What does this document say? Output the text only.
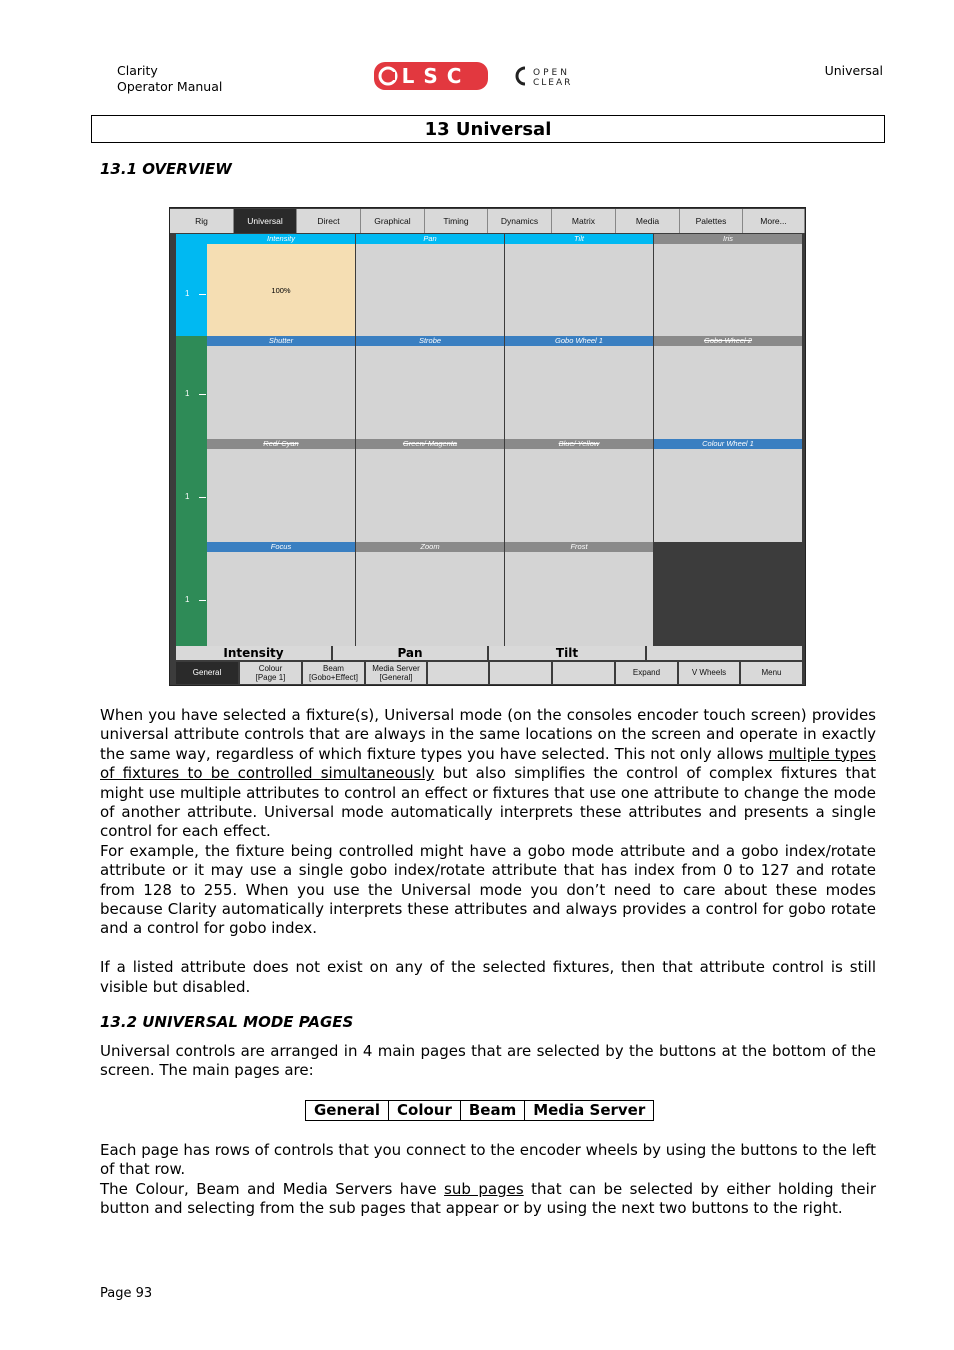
Clarity
Operator Manual	LSC	OPEN
CLEAR
Universal
13 Universal
13.1 OVERVIEW
Rig	Universal	Direct	Graphical	Timing	Dynamics	Matrix	Media	Palettes	More...
1
1
1
1
Intensity
100%
Pan	Tilt	Iris
Shutter	Strobe	Gobo Wheel 1	Gobo Wheel 2
Red/ Cyan	Green/ Magenta	Blue/ Yellow	Colour Wheel 1
Focus	Zoom	Frost
Intensity	Pan	Tilt
General	Colour
[Page 1]
Beam
[Gobo+Effect]
Media Server
[General]
Expand	V Wheels	Menu

When you have selected a fixture(s), Universal mode (on the consoles encoder touch screen) provides universal attribute controls that are always in the same locations on the screen and operate in exactly the same way, regardless of which fixture types you have selected. This not only allows multiple types of fixtures to be controlled simultaneously but also simplifies the control of complex fixtures that might use multiple attributes to control an effect or fixtures that use one attribute to change the mode of another attribute. Universal mode automatically interprets these attributes and presents a single control for each effect.

For example, the fixture being controlled might have a gobo mode attribute and a gobo index/rotate attribute or it may use a single gobo index/rotate attribute that has index from 0 to 127 and rotate from 128 to 255. When you use the Universal mode you don’t need to care about these modes because Clarity automatically interprets these attributes and always provides a control for gobo rotate and a control for gobo index.

If a listed attribute does not exist on any of the selected fixtures, then that attribute control is still visible but disabled.

13.2 UNIVERSAL MODE PAGES
Universal controls are arranged in 4 main pages that are selected by the buttons at the bottom of the screen. The main pages are:
General	Colour	Beam	Media Server

Each page has rows of controls that you connect to the encoder wheels by using the buttons to the left of that row.

The Colour, Beam and Media Servers have sub pages that can be selected by either holding their button and selecting from the sub pages that appear or by using the next two buttons to the right.

Page 93
